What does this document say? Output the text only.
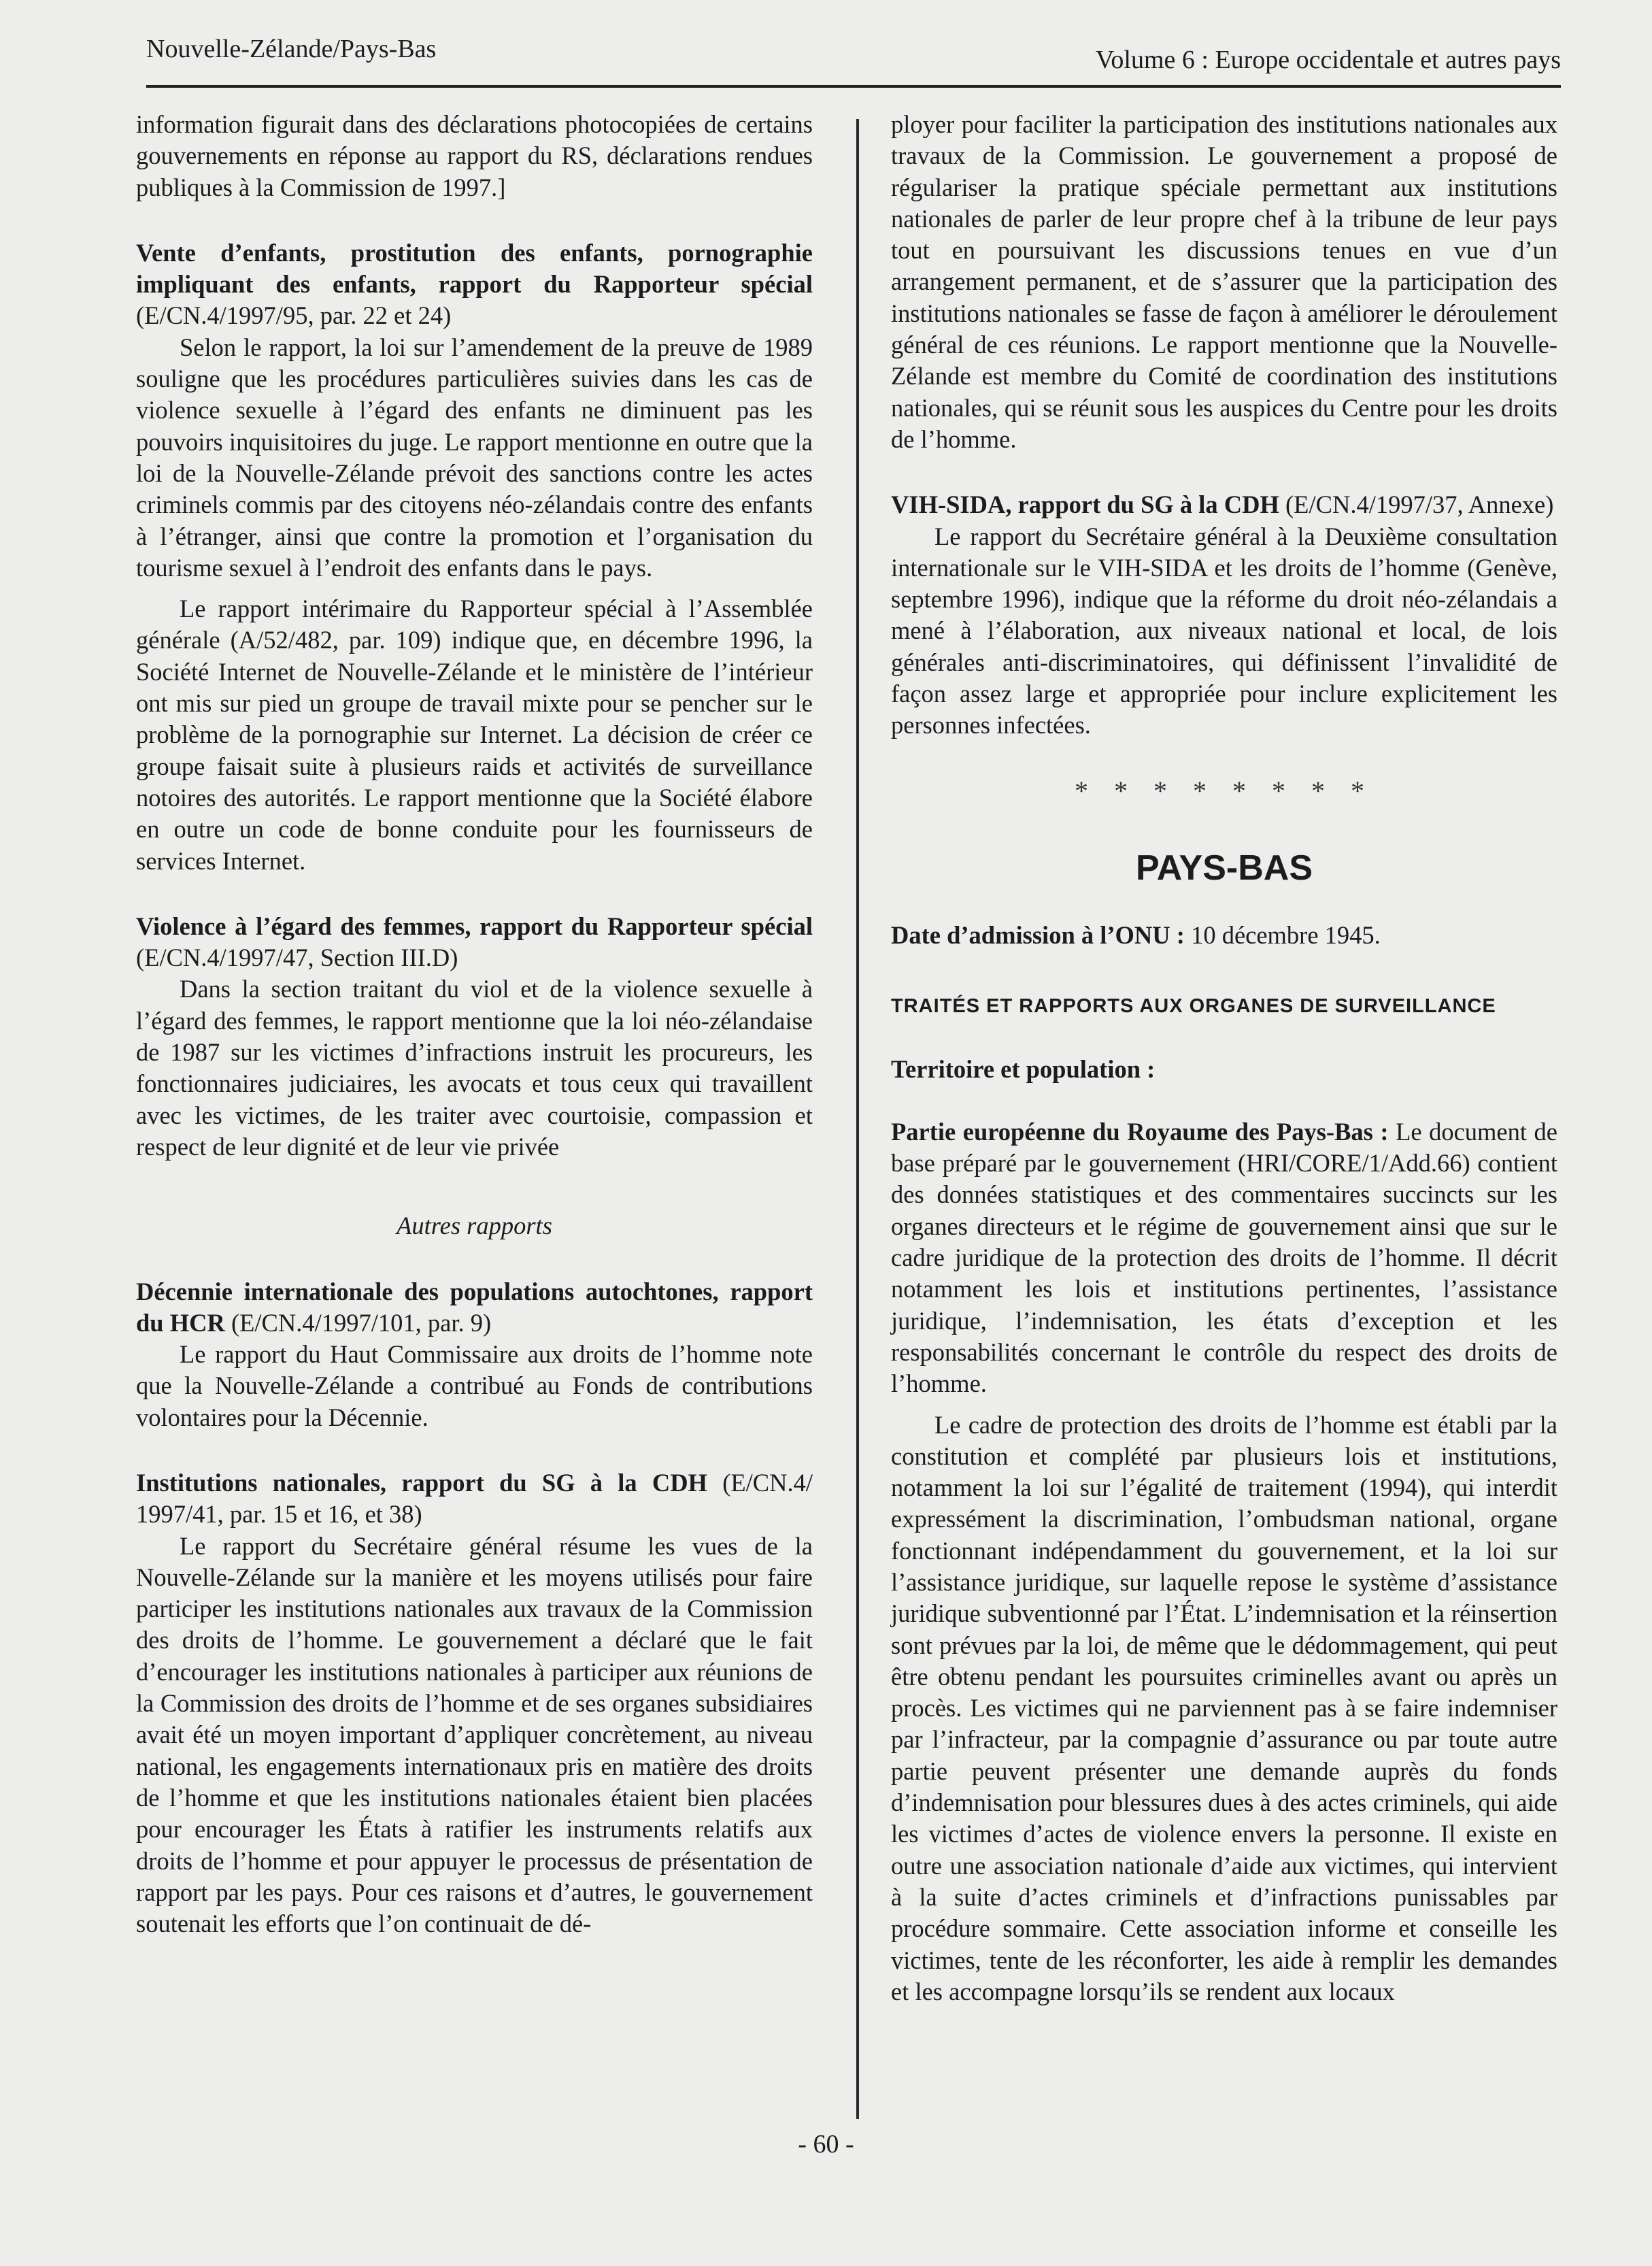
Nouvelle-Zélande/Pays-Bas	Volume 6 : Europe occidentale et autres pays

information figurait dans des déclarations photocopiées de certains gouvernements en réponse au rapport du RS, déclarations rendues publiques à la Commission de 1997.]

Vente d’enfants, prostitution des enfants, pornographie impliquant des enfants, rapport du Rapporteur spécial (E/CN.4/1997/95, par. 22 et 24)

Selon le rapport, la loi sur l’amendement de la preuve de 1989 souligne que les procédures particulières suivies dans les cas de violence sexuelle à l’égard des enfants ne diminuent pas les pouvoirs inquisitoires du juge. Le rapport mentionne en outre que la loi de la Nouvelle-Zélande prévoit des sanctions contre les actes criminels commis par des citoyens néo-zélandais contre des enfants à l’étranger, ainsi que contre la promotion et l’organisation du tourisme sexuel à l’endroit des enfants dans le pays.

Le rapport intérimaire du Rapporteur spécial à l’Assemblée générale (A/52/482, par. 109) indique que, en décembre 1996, la Société Internet de Nouvelle-Zélande et le ministère de l’intérieur ont mis sur pied un groupe de travail mixte pour se pencher sur le problème de la pornographie sur Internet. La décision de créer ce groupe faisait suite à plusieurs raids et activités de surveillance notoires des autorités. Le rapport mentionne que la Société élabore en outre un code de bonne conduite pour les fournisseurs de services Internet.

Violence à l’égard des femmes, rapport du Rapporteur spécial (E/CN.4/1997/47, Section III.D)

Dans la section traitant du viol et de la violence sexuelle à l’égard des femmes, le rapport mentionne que la loi néo-zélandaise de 1987 sur les victimes d’infractions instruit les procureurs, les fonctionnaires judiciaires, les avocats et tous ceux qui travaillent avec les victimes, de les traiter avec courtoisie, compassion et respect de leur dignité et de leur vie privée

Autres rapports

Décennie internationale des populations autochtones, rapport du HCR (E/CN.4/1997/101, par. 9)

Le rapport du Haut Commissaire aux droits de l’homme note que la Nouvelle-Zélande a contribué au Fonds de contributions volontaires pour la Décennie.

Institutions nationales, rapport du SG à la CDH (E/CN.4/ 1997/41, par. 15 et 16, et 38)

Le rapport du Secrétaire général résume les vues de la Nouvelle-Zélande sur la manière et les moyens utilisés pour faire participer les institutions nationales aux travaux de la Commission des droits de l’homme. Le gouvernement a déclaré que le fait d’encourager les institutions nationales à participer aux réunions de la Commission des droits de l’homme et de ses organes subsidiaires avait été un moyen important d’appliquer concrètement, au niveau national, les engagements internationaux pris en matière des droits de l’homme et que les institutions nationales étaient bien placées pour encourager les États à ratifier les instruments relatifs aux droits de l’homme et pour appuyer le processus de présentation de rapport par les pays. Pour ces raisons et d’autres, le gouvernement soutenait les efforts que l’on continuait de dé-

ployer pour faciliter la participation des institutions nationales aux travaux de la Commission. Le gouvernement a proposé de régulariser la pratique spéciale permettant aux institutions nationales de parler de leur propre chef à la tribune de leur pays tout en poursuivant les discussions tenues en vue d’un arrangement permanent, et de s’assurer que la participation des institutions nationales se fasse de façon à améliorer le déroulement général de ces réunions. Le rapport mentionne que la Nouvelle-Zélande est membre du Comité de coordination des institutions nationales, qui se réunit sous les auspices du Centre pour les droits de l’homme.

VIH-SIDA, rapport du SG à la CDH (E/CN.4/1997/37, Annexe)

Le rapport du Secrétaire général à la Deuxième consultation internationale sur le VIH-SIDA et les droits de l’homme (Genève, septembre 1996), indique que la réforme du droit néo-zélandais a mené à l’élaboration, aux niveaux national et local, de lois générales anti-discriminatoires, qui définissent l’invalidité de façon assez large et appropriée pour inclure explicitement les personnes infectées.

* * * * * * * *

PAYS-BAS

Date d’admission à l’ONU : 10 décembre 1945.

TRAITÉS ET RAPPORTS AUX ORGANES DE SURVEILLANCE

Territoire et population :

Partie européenne du Royaume des Pays-Bas : Le document de base préparé par le gouvernement (HRI/CORE/1/Add.66) contient des données statistiques et des commentaires succincts sur les organes directeurs et le régime de gouvernement ainsi que sur le cadre juridique de la protection des droits de l’homme. Il décrit notamment les lois et institutions pertinentes, l’assistance juridique, l’indemnisation, les états d’exception et les responsabilités concernant le contrôle du respect des droits de l’homme.

Le cadre de protection des droits de l’homme est établi par la constitution et complété par plusieurs lois et institutions, notamment la loi sur l’égalité de traitement (1994), qui interdit expressément la discrimination, l’ombudsman national, organe fonctionnant indépendamment du gouvernement, et la loi sur l’assistance juridique, sur laquelle repose le système d’assistance juridique subventionné par l’État. L’indemnisation et la réinsertion sont prévues par la loi, de même que le dédommagement, qui peut être obtenu pendant les poursuites criminelles avant ou après un procès. Les victimes qui ne parviennent pas à se faire indemniser par l’infracteur, par la compagnie d’assurance ou par toute autre partie peuvent présenter une demande auprès du fonds d’indemnisation pour blessures dues à des actes criminels, qui aide les victimes d’actes de violence envers la personne. Il existe en outre une association nationale d’aide aux victimes, qui intervient à la suite d’actes criminels et d’infractions punissables par procédure sommaire. Cette association informe et conseille les victimes, tente de les réconforter, les aide à remplir les demandes et les accompagne lorsqu’ils se rendent aux locaux

- 60 -
